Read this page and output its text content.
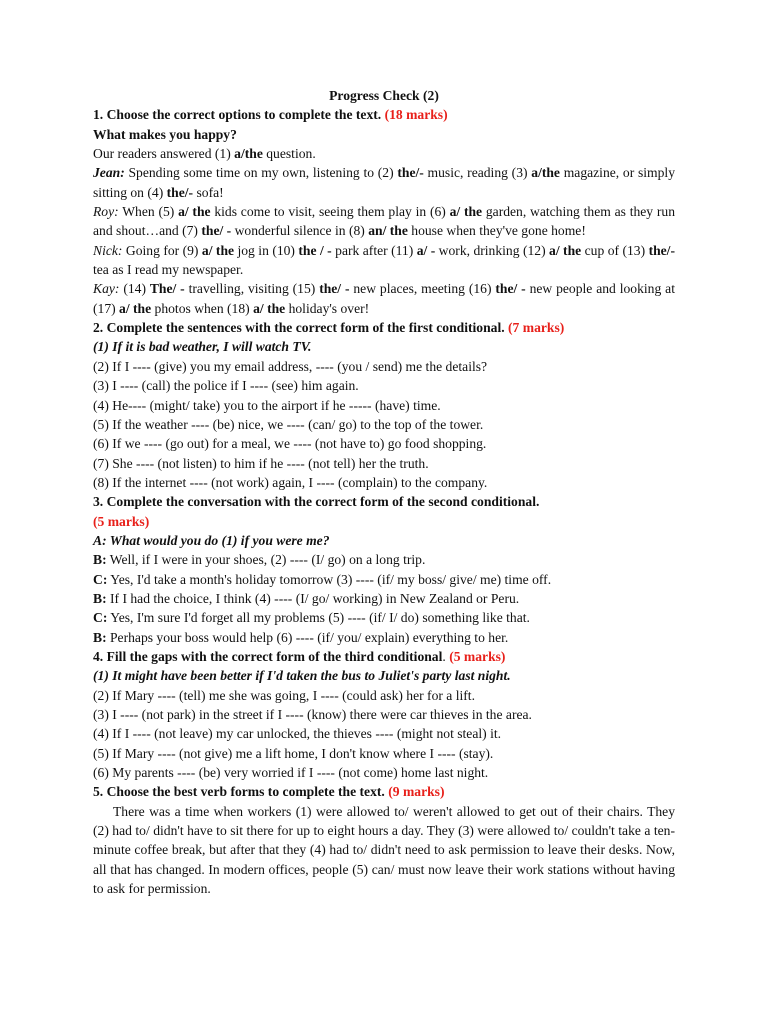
Progress Check (2)

1. Choose the correct options to complete the text. (18 marks)

What makes you happy?

Our readers answered (1) a/the question.

Jean: Spending some time on my own, listening to (2) the/- music, reading (3) a/the magazine, or simply sitting on (4) the/- sofa!

Roy: When (5) a/ the kids come to visit, seeing them play in (6) a/ the garden, watching them as they run and shout…and (7) the/ - wonderful silence in (8) an/ the house when they've gone home!

Nick: Going for (9) a/ the jog in (10) the / - park after (11) a/ - work, drinking (12) a/ the cup of (13) the/- tea as I read my newspaper.

Kay: (14) The/ - travelling, visiting (15) the/ - new places, meeting (16) the/ - new people and looking at (17) a/ the photos when (18) a/ the holiday's over!

2. Complete the sentences with the correct form of the first conditional. (7 marks)

(1) If it is bad weather, I will watch TV.

(2) If I ---- (give) you my email address, ---- (you / send) me the details?

(3) I ---- (call) the police if I ---- (see) him again.

(4) He---- (might/ take) you to the airport if he ----- (have) time.

(5) If the weather ---- (be) nice, we ---- (can/ go) to the top of the tower.

(6) If we ---- (go out) for a meal, we ---- (not have to) go food shopping.

(7) She ---- (not listen) to him if he ---- (not tell) her the truth.

(8) If the internet ---- (not work) again, I ---- (complain) to the company.

3. Complete the conversation with the correct form of the second conditional.

(5 marks)

A: What would you do (1) if you were me?

B: Well, if I were in your shoes, (2) ---- (I/ go) on a long trip.

C: Yes, I'd take a month's holiday tomorrow (3) ---- (if/ my boss/ give/ me) time off.

B: If I had the choice, I think (4) ---- (I/ go/ working) in New Zealand or Peru.

C: Yes, I'm sure I'd forget all my problems (5) ---- (if/ I/ do) something like that.

B: Perhaps your boss would help (6) ---- (if/ you/ explain) everything to her.

4. Fill the gaps with the correct form of the third conditional. (5 marks)

(1) It might have been better if I'd taken the bus to Juliet's party last night.

(2) If Mary ---- (tell) me she was going, I ---- (could ask) her for a lift.

(3) I ---- (not park) in the street if I ---- (know) there were car thieves in the area.

(4) If I ---- (not leave) my car unlocked, the thieves ---- (might not steal) it.

(5) If Mary ---- (not give) me a lift home, I don't know where I ---- (stay).

(6) My parents ---- (be) very worried if I ---- (not come) home last night.

5. Choose the best verb forms to complete the text. (9 marks)

There was a time when workers (1) were allowed to/ weren't allowed to get out of their chairs. They (2) had to/ didn't have to sit there for up to eight hours a day. They (3) were allowed to/ couldn't take a ten-minute coffee break, but after that they (4) had to/ didn't need to ask permission to leave their desks. Now, all that has changed. In modern offices, people (5) can/ must now leave their work stations without having to ask for permission.
